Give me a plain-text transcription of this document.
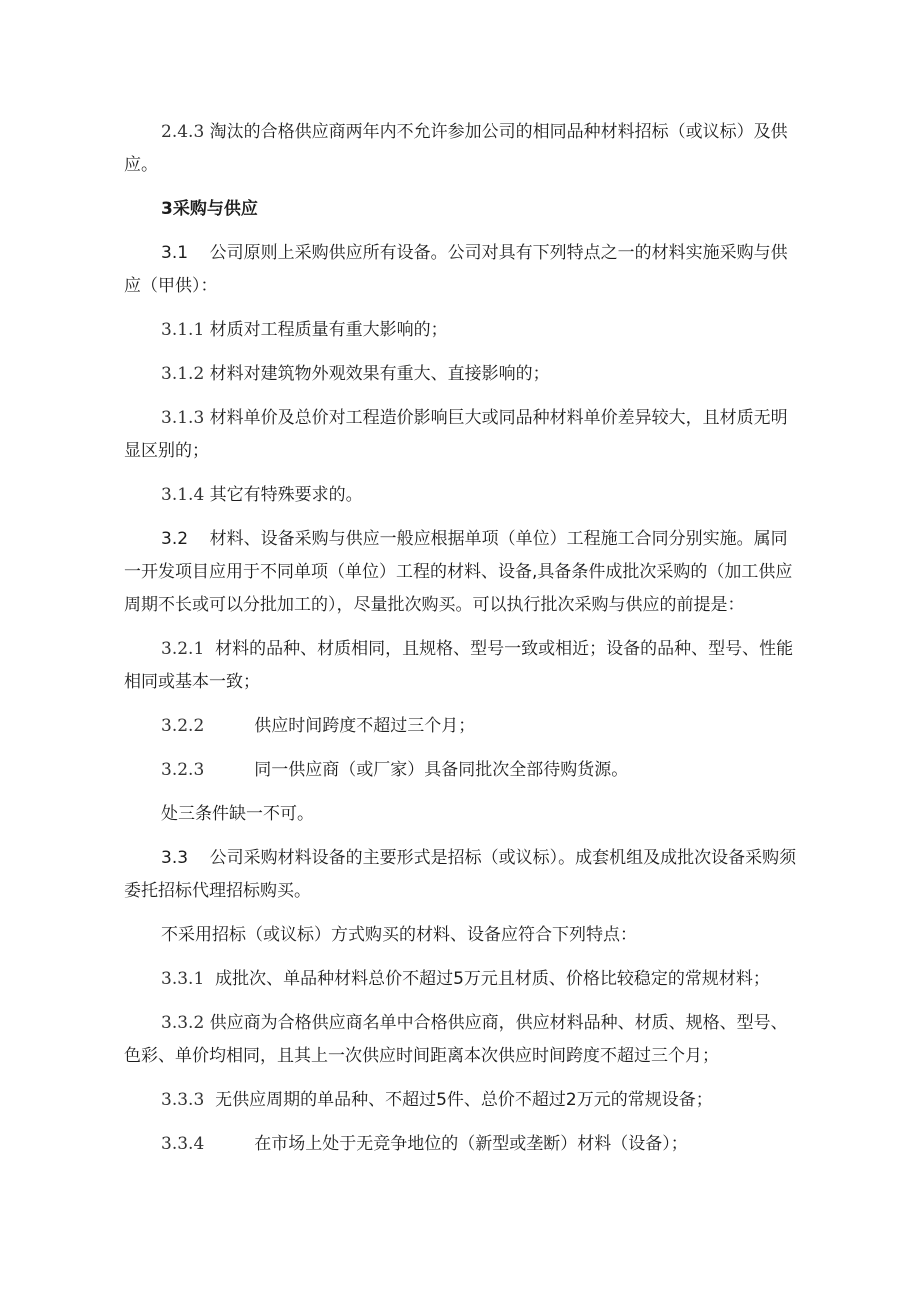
2.4.3 淘汰的合格供应商两年内不允许参加公司的相同品种材料招标（或议标）及供应。

3采购与供应

3.1 公司原则上采购供应所有设备。公司对具有下列特点之一的材料实施采购与供应（甲供）：

3.1.1 材质对工程质量有重大影响的；

3.1.2 材料对建筑物外观效果有重大、直接影响的；

3.1.3 材料单价及总价对工程造价影响巨大或同品种材料单价差异较大，且材质无明显区别的；

3.1.4 其它有特殊要求的。

3.2 材料、设备采购与供应一般应根据单项（单位）工程施工合同分别实施。属同一开发项目应用于不同单项（单位）工程的材料、设备,具备条件成批次采购的（加工供应周期不长或可以分批加工的），尽量批次购买。可以执行批次采购与供应的前提是：

3.2.1 材料的品种、材质相同，且规格、型号一致或相近；设备的品种、型号、性能相同或基本一致；

3.2.2	供应时间跨度不超过三个月；

3.2.3	同一供应商（或厂家）具备同批次全部待购货源。

处三条件缺一不可。

3.3 公司采购材料设备的主要形式是招标（或议标）。成套机组及成批次设备采购须委托招标代理招标购买。

不采用招标（或议标）方式购买的材料、设备应符合下列特点：

3.3.1 成批次、单品种材料总价不超过5万元且材质、价格比较稳定的常规材料；

3.3.2 供应商为合格供应商名单中合格供应商，供应材料品种、材质、规格、型号、色彩、单价均相同，且其上一次供应时间距离本次供应时间跨度不超过三个月；

3.3.3 无供应周期的单品种、不超过5件、总价不超过2万元的常规设备；

3.3.4	在市场上处于无竞争地位的（新型或垄断）材料（设备）；
